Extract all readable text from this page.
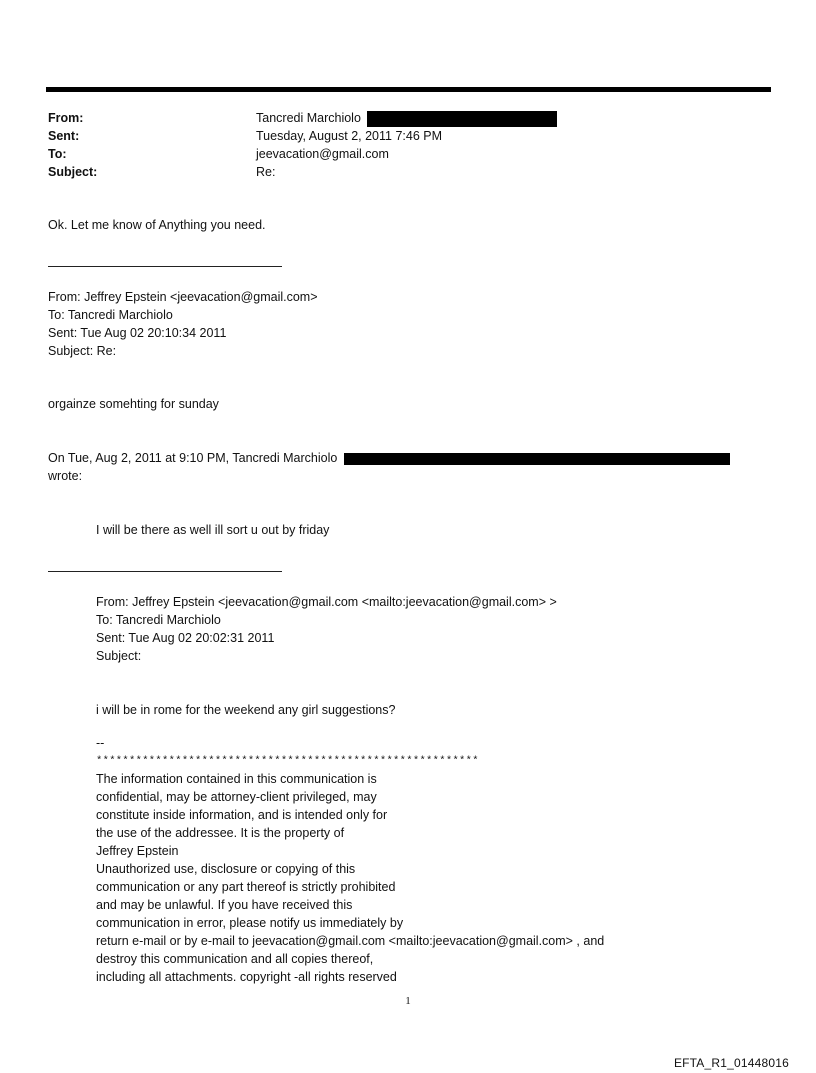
From:	Tancredi Marchiolo
Sent:	Tuesday, August 2, 2011 7:46 PM
To:	jeevacation@gmail.com
Subject:	Re:
Ok. Let me know of Anything you need.
From: Jeffrey Epstein <jeevacation@gmail.com>
To: Tancredi Marchiolo
Sent: Tue Aug 02 20:10:34 2011
Subject: Re:
orgainze somehting for sunday
On Tue, Aug 2, 2011 at 9:10 PM, Tancredi Marchiolo
wrote:
I will be there as well ill sort u out by friday
From: Jeffrey Epstein <jeevacation@gmail.com <mailto:jeevacation@gmail.com> >
To: Tancredi Marchiolo
Sent: Tue Aug 02 20:02:31 2011
Subject:
i will be in rome for the weekend any girl suggestions?
--
**********************************************************
The information contained in this communication is
confidential, may be attorney-client privileged, may
constitute inside information, and is intended only for
the use of the addressee. It is the property of
Jeffrey Epstein
Unauthorized use, disclosure or copying of this
communication or any part thereof is strictly prohibited
and may be unlawful. If you have received this
communication in error, please notify us immediately by
return e-mail or by e-mail to jeevacation@gmail.com <mailto:jeevacation@gmail.com> , and
destroy this communication and all copies thereof,
including all attachments. copyright -all rights reserved
1
EFTA_R1_01448016
